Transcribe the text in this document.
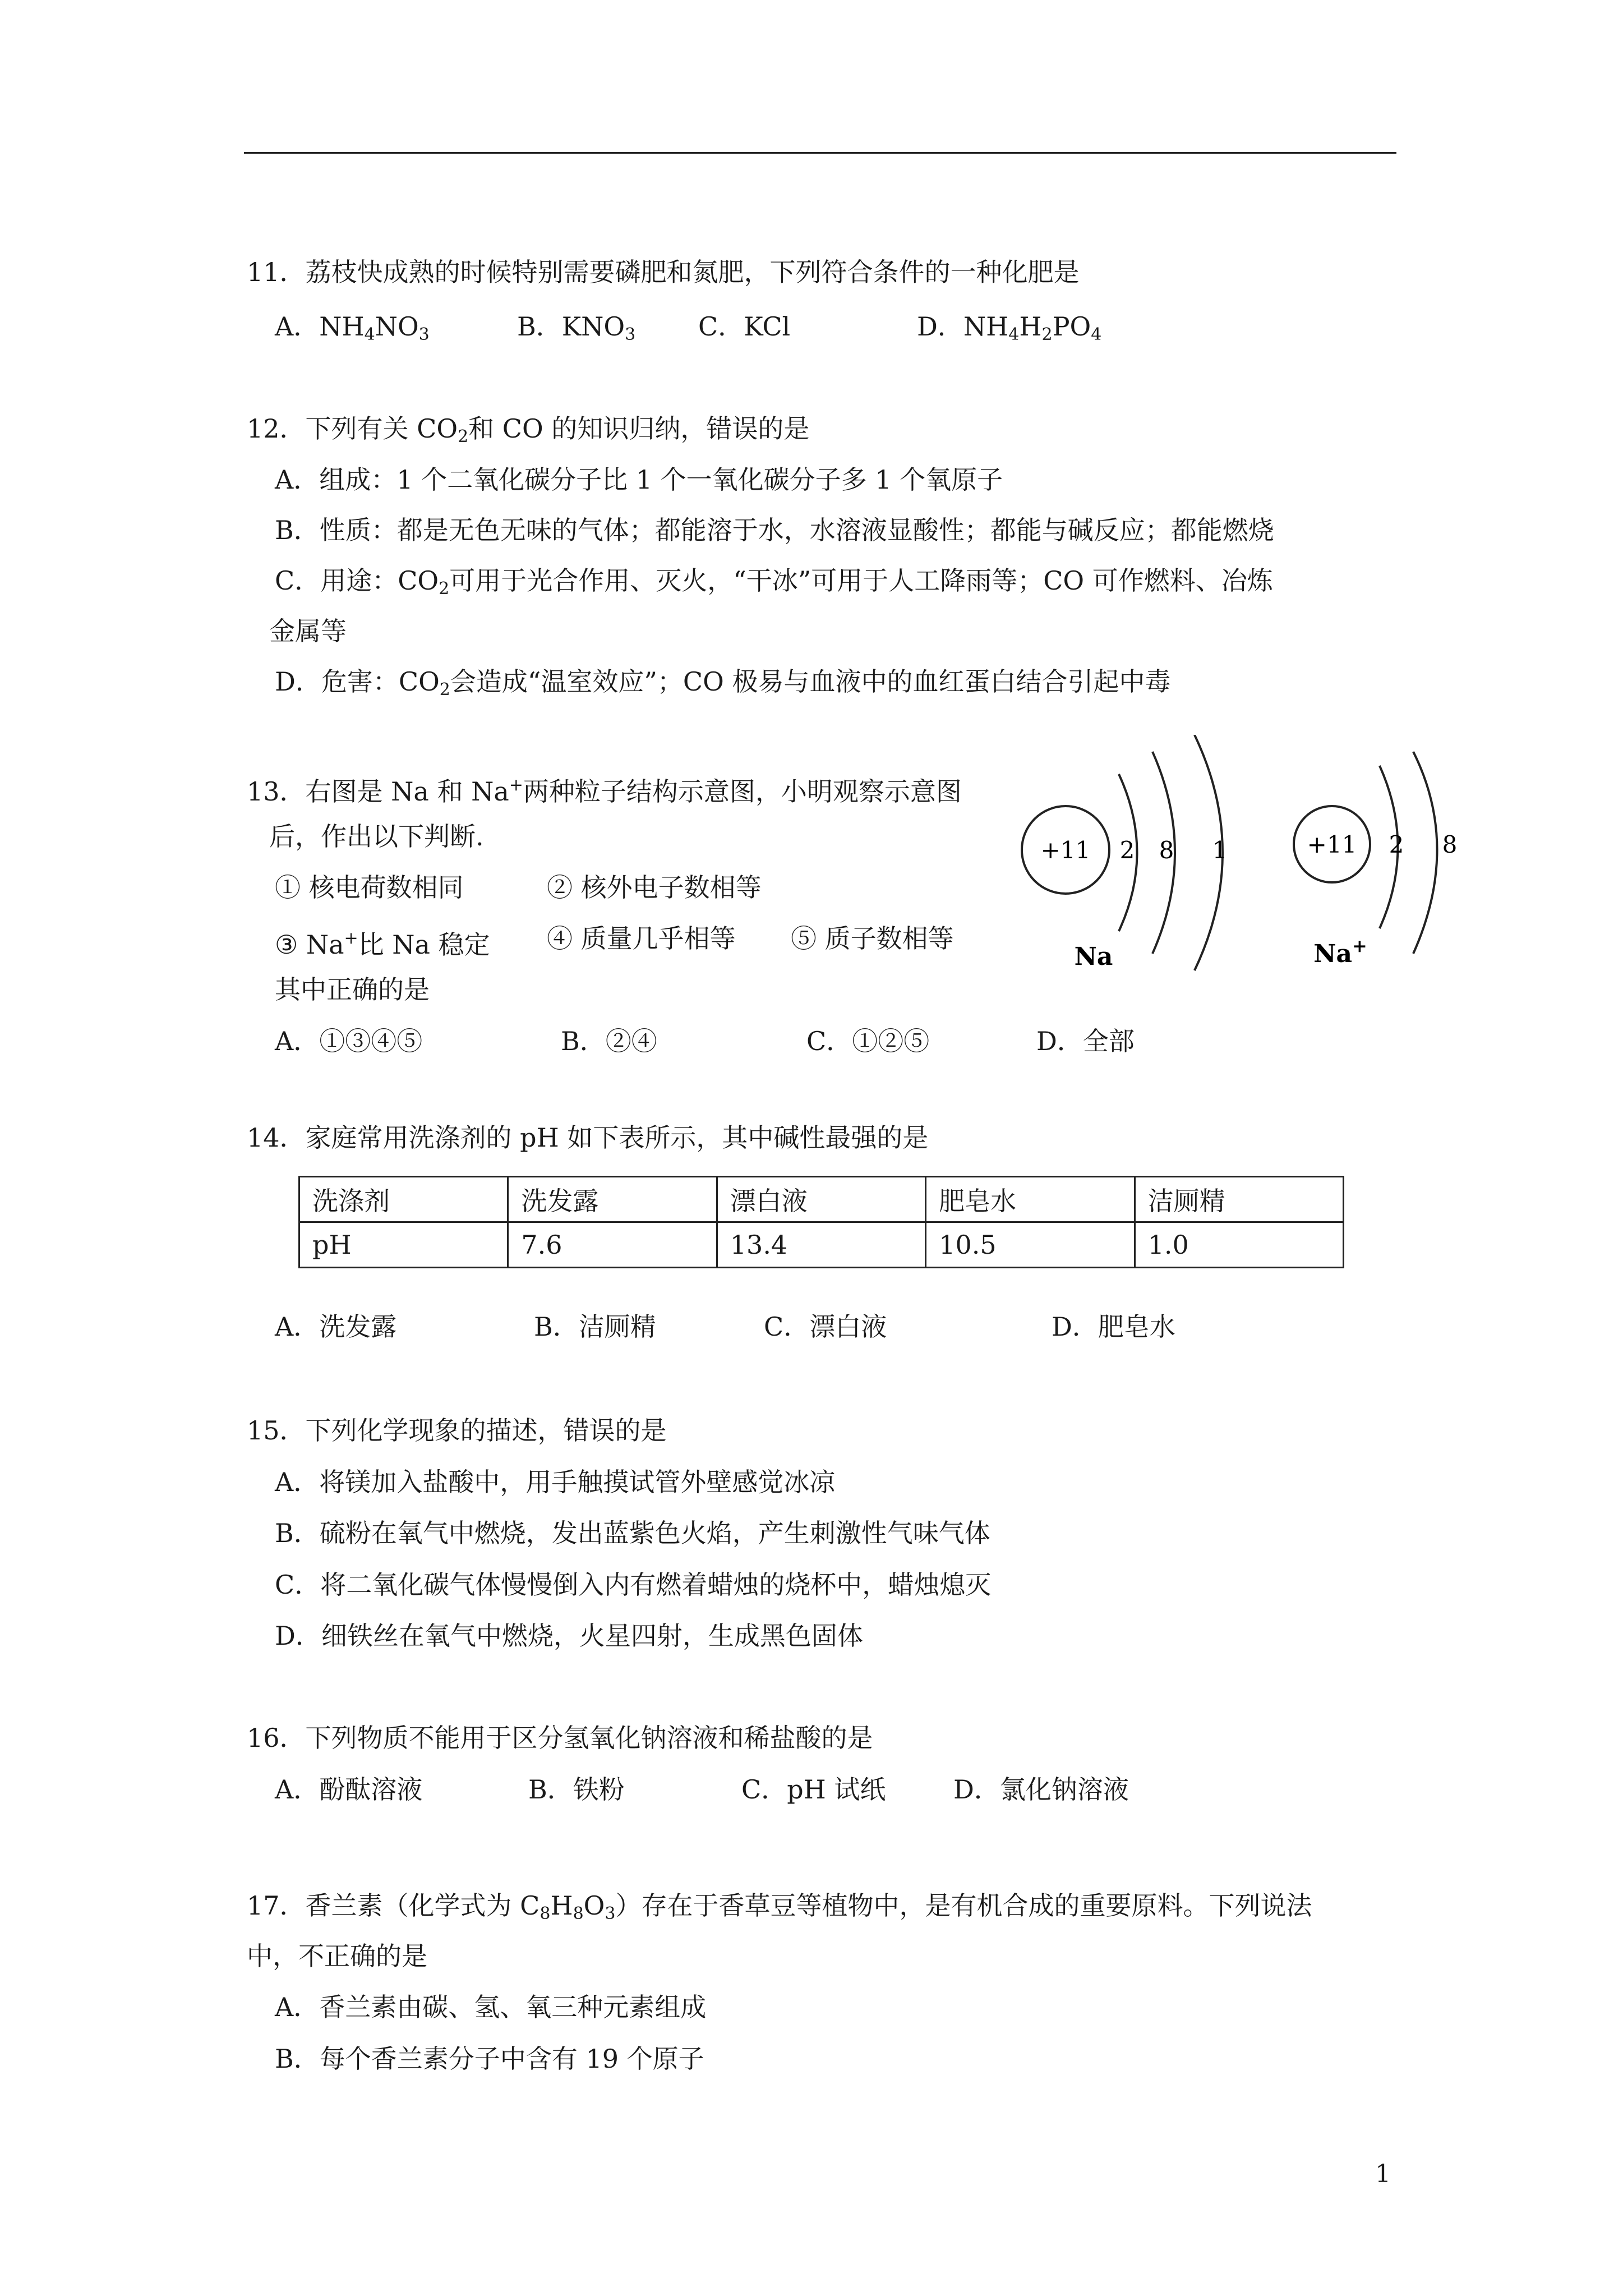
11．荔枝快成熟的时候特别需要磷肥和氮肥，下列符合条件的一种化肥是
A．$NH_4NO_3$	B．$KNO_3$ C．KCl	D．$NH_4H_2PO_4$
12．下列有关 $CO_2$和 CO 的知识归纳，错误的是
A．组成：1 个二氧化碳分子比 1 个一氧化碳分子多 1 个氧原子
B．性质：都是无色无味的气体；都能溶于水，水溶液显酸性；都能与碱反应；都能燃烧
C．用途：$CO_2$可用于光合作用、灭火，“干冰”可用于人工降雨等；CO 可作燃料、冶炼
金属等
D．危害：$CO_2$会造成“温室效应”；CO 极易与血液中的血红蛋白结合引起中毒
13．右图是 Na 和 Na+两种粒子结构示意图，小明观察示意图
后，作出以下判断.
① 核电荷数相同	② 核外电子数相等
③ Na+比 Na 稳定 ④ 质量几乎相等 ⑤ 质子数相等
其中正确的是
A．①③④⑤	B．②④	C．①②⑤	D．全部
+11 2 8 1
Na
+11 2 8
Na+
14．家庭常用洗涤剂的 pH 如下表所示，其中碱性最强的是
洗涤剂	洗发露	漂白液	肥皂水	洁厕精
pH	7.6	13.4	10.5	1.0
A．洗发露	B．洁厕精	C．漂白液	D．肥皂水
15．下列化学现象的描述，错误的是
A．将镁加入盐酸中，用手触摸试管外壁感觉冰凉
B．硫粉在氧气中燃烧，发出蓝紫色火焰，产生刺激性气味气体
C．将二氧化碳气体慢慢倒入内有燃着蜡烛的烧杯中，蜡烛熄灭
D．细铁丝在氧气中燃烧，火星四射，生成黑色固体
16．下列物质不能用于区分氢氧化钠溶液和稀盐酸的是
A．酚酞溶液	B．铁粉	C．pH 试纸	D．氯化钠溶液
17．香兰素（化学式为 $C_8H_8O_3$）存在于香草豆等植物中，是有机合成的重要原料。下列说法
中，不正确的是
A．香兰素由碳、氢、氧三种元素组成
B．每个香兰素分子中含有 19 个原子
1
